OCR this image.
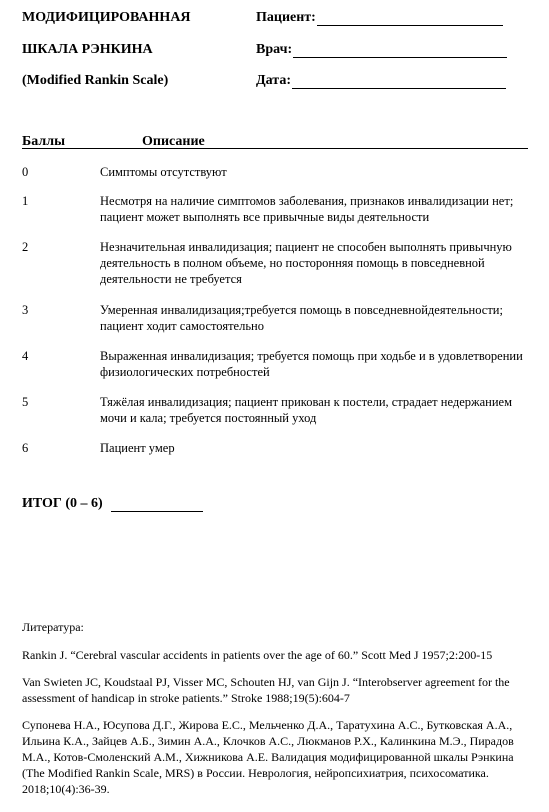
МОДИФИЦИРОВАННАЯ
ШКАЛА РЭНКИНА
(Modified Rankin Scale)
Пациент:
Врач:
Дата:
Баллы	Описание
0	Симптомы отсутствуют
1	Несмотря на наличие симптомов заболевания, признаков инвалидизации нет; пациент может выполнять все привычные виды деятельности
2	Незначительная инвалидизация; пациент не способен выполнять привычную деятельность в полном объеме, но посторонняя помощь в повседневной деятельности не требуется
3	Умеренная инвалидизация;требуется помощь в повседневнойдеятельности; пациент ходит самостоятельно
4	Выраженная инвалидизация; требуется помощь при ходьбе и в удовлетворении физиологических потребностей
5	Тяжёлая инвалидизация; пациент прикован к постели, страдает недержанием мочи и кала; требуется постоянный уход
6	Пациент умер
ИТОГ (0 – 6)
Литература:
Rankin J. “Cerebral vascular accidents in patients over the age of 60.” Scott Med J 1957;2:200-15
Van Swieten JC, Koudstaal PJ, Visser MC, Schouten HJ, van Gijn J. “Interobserver agreement for the assessment of handicap in stroke patients.” Stroke 1988;19(5):604-7
Супонева Н.А., Юсупова Д.Г., Жирова Е.С., Мельченко Д.А., Таратухина А.С., Бутковская А.А., Ильина К.А., Зайцев А.Б., Зимин А.А., Клочков А.С., Люкманов Р.Х., Калинкина М.Э., Пирадов М.А., Котов-Смоленский А.М., Хижникова А.Е. Валидация модифицированной шкалы Рэнкина (The Modified Rankin Scale, MRS) в России. Неврология, нейропсихиатрия, психосоматика. 2018;10(4):36-39.
